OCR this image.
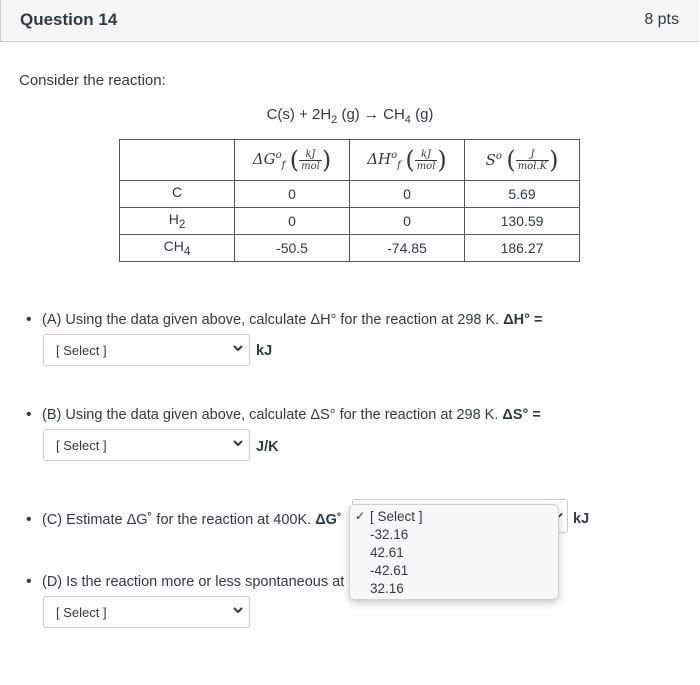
Question 14	8 pts
Consider the reaction:
$C(s) + 2H_2$ $(g) \to CH_4$ (g)
	$\Delta G^o_f$ ( $\frac{kJ}{\text{mol}}$ )	$\Delta H^o_f$ ( $\frac{kJ}{\text{mol}}$ )	$S^o$ ( $\frac{J}{\text{mol.K}}$ )
C	0	0	5.69
$H_2$	0	0	130.59
$CH_4$	-50.5	-74.85	186.27
(A) Using the data given above, calculate ΔH° for the reaction at 298 K. ΔH° =
[ Select ]	kJ
(B) Using the data given above, calculate ΔS° for the reaction at 298 K. ΔS° =
[ Select ]	J/K
(C) Estimate ΔG˚ for the reaction at 400K. ΔG˚	kJ
(D) Is the reaction more or less spontaneous at
[ Select ]
✓ [ Select ]
-32.16
42.61
-42.61
32.16
